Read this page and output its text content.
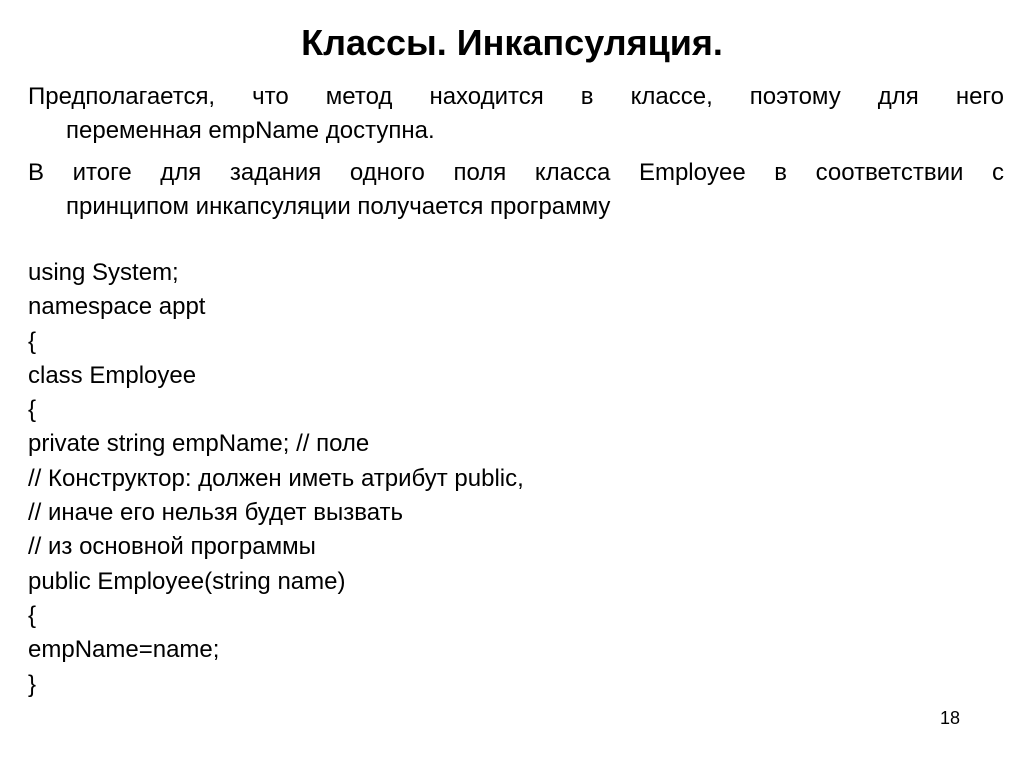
Классы. Инкапсуляция.
Предполагается, что метод находится в классе, поэтому для него
переменная empName доступна.
В итоге для задания одного поля класса Employee в соответствии с
принципом инкапсуляции получается программу
using System;
namespace appt
{
class Employee
{
private string empName; // поле
// Конструктор: должен иметь атрибут public,
// иначе его нельзя будет вызвать
// из основной программы
public Employee(string name)
{
empName=name;
}
18
